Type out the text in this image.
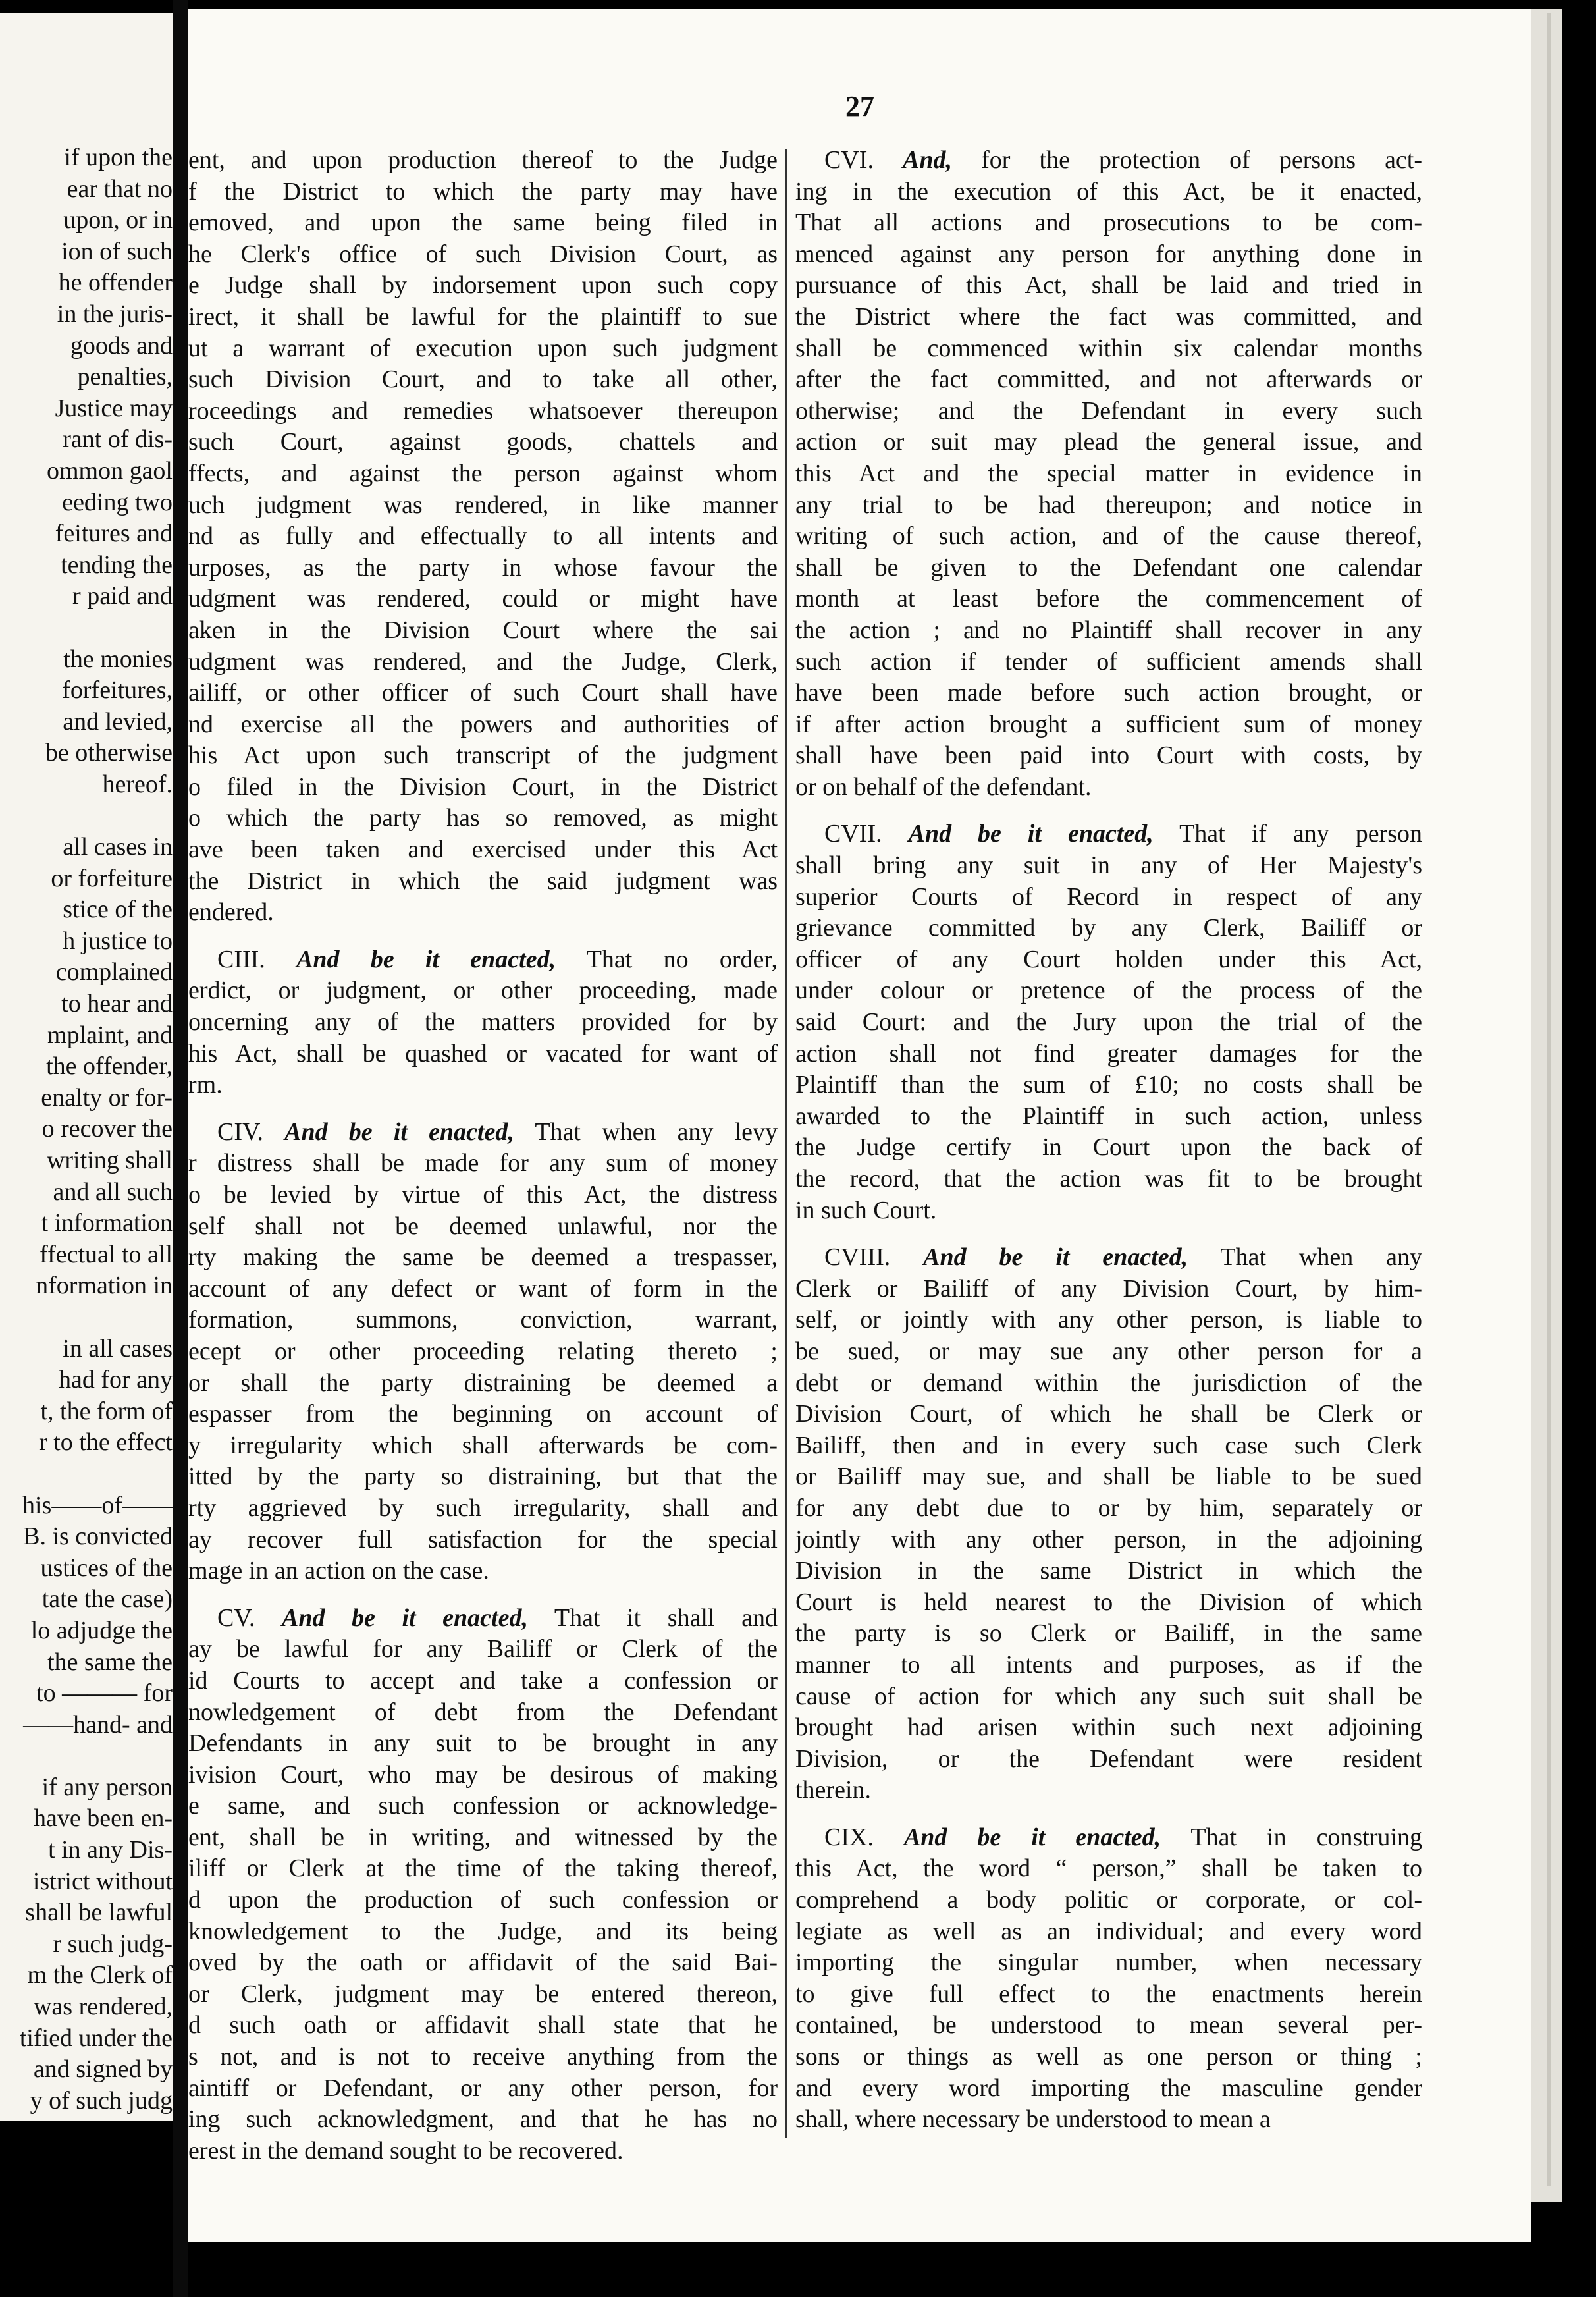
if upon the
ear that no
upon, or in
ion of such
he offender
in the juris-
goods and
penalties,
Justice may
rant of dis-
ommon gaol
eeding two
feitures and
tending the
r paid and
the monies
forfeitures,
and levied,
be otherwise
hereof.
all cases in
or forfeiture
stice of the
h justice to
complained
to hear and
mplaint, and
the offender,
enalty or for-
o recover the
writing shall
and all such
t information
ffectual to all
nformation in
in all cases
had for any
t, the form of
r to the effect
his——of——
B. is convicted
ustices of the
tate the case)
lo adjudge the
the same the
to ——— for
——hand- and
if any person
have been en-
t in any Dis-
istrict without
shall be lawful
r such judg-
m the Clerk of
was rendered,
tified under the
and signed by
y of such judg
27
ent, and upon production thereof to the Judge
f the District to which the party may have
emoved, and upon the same being filed in
he Clerk's office of such Division Court, as
e Judge shall by indorsement upon such copy
irect, it shall be lawful for the plaintiff to sue
ut a warrant of execution upon such judgment
such Division Court, and to take all other,
roceedings and remedies whatsoever thereupon
such Court, against goods, chattels and
ffects, and against the person against whom
uch judgment was rendered, in like manner
nd as fully and effectually to all intents and
urposes, as the party in whose favour the
udgment was rendered, could or might have
aken in the Division Court where the sai
udgment was rendered, and the Judge, Clerk,
ailiff, or other officer of such Court shall have
nd exercise all the powers and authorities of
his Act upon such transcript of the judgment
o filed in the Division Court, in the District
o which the party has so removed, as might
ave been taken and exercised under this Act
the District in which the said judgment was
endered.
CIII. And be it enacted, That no order,
erdict, or judgment, or other proceeding, made
oncerning any of the matters provided for by
his Act, shall be quashed or vacated for want of
rm.
CIV. And be it enacted, That when any levy
r distress shall be made for any sum of money
o be levied by virtue of this Act, the distress
self shall not be deemed unlawful, nor the
rty making the same be deemed a trespasser,
account of any defect or want of form in the
formation, summons, conviction, warrant,
ecept or other proceeding relating thereto ;
or shall the party distraining be deemed a
espasser from the beginning on account of
y irregularity which shall afterwards be com-
itted by the party so distraining, but that the
rty aggrieved by such irregularity, shall and
ay recover full satisfaction for the special
mage in an action on the case.
CV. And be it enacted, That it shall and
ay be lawful for any Bailiff or Clerk of the
id Courts to accept and take a confession or
nowledgement of debt from the Defendant
Defendants in any suit to be brought in any
ivision Court, who may be desirous of making
e same, and such confession or acknowledge-
ent, shall be in writing, and witnessed by the
iliff or Clerk at the time of the taking thereof,
d upon the production of such confession or
knowledgement to the Judge, and its being
oved by the oath or affidavit of the said Bai-
or Clerk, judgment may be entered thereon,
d such oath or affidavit shall state that he
s not, and is not to receive anything from the
aintiff or Defendant, or any other person, for
ing such acknowledgment, and that he has no
erest in the demand sought to be recovered.
CVI. And, for the protection of persons act-
ing in the execution of this Act, be it enacted,
That all actions and prosecutions to be com-
menced against any person for anything done in
pursuance of this Act, shall be laid and tried in
the District where the fact was committed, and
shall be commenced within six calendar months
after the fact committed, and not afterwards or
otherwise; and the Defendant in every such
action or suit may plead the general issue, and
this Act and the special matter in evidence in
any trial to be had thereupon; and notice in
writing of such action, and of the cause thereof,
shall be given to the Defendant one calendar
month at least before the commencement of
the action ; and no Plaintiff shall recover in any
such action if tender of sufficient amends shall
have been made before such action brought, or
if after action brought a sufficient sum of money
shall have been paid into Court with costs, by
or on behalf of the defendant.
CVII. And be it enacted, That if any person
shall bring any suit in any of Her Majesty's
superior Courts of Record in respect of any
grievance committed by any Clerk, Bailiff or
officer of any Court holden under this Act,
under colour or pretence of the process of the
said Court: and the Jury upon the trial of the
action shall not find greater damages for the
Plaintiff than the sum of £10; no costs shall be
awarded to the Plaintiff in such action, unless
the Judge certify in Court upon the back of
the record, that the action was fit to be brought
in such Court.
CVIII. And be it enacted, That when any
Clerk or Bailiff of any Division Court, by him-
self, or jointly with any other person, is liable to
be sued, or may sue any other person for a
debt or demand within the jurisdiction of the
Division Court, of which he shall be Clerk or
Bailiff, then and in every such case such Clerk
or Bailiff may sue, and shall be liable to be sued
for any debt due to or by him, separately or
jointly with any other person, in the adjoining
Division in the same District in which the
Court is held nearest to the Division of which
the party is so Clerk or Bailiff, in the same
manner to all intents and purposes, as if the
cause of action for which any such suit shall be
brought had arisen within such next adjoining
Division, or the Defendant were resident
therein.
CIX. And be it enacted, That in construing
this Act, the word “ person,” shall be taken to
comprehend a body politic or corporate, or col-
legiate as well as an individual; and every word
importing the singular number, when necessary
to give full effect to the enactments herein
contained, be understood to mean several per-
sons or things as well as one person or thing ;
and every word importing the masculine gender
shall, where necessary be understood to mean a
